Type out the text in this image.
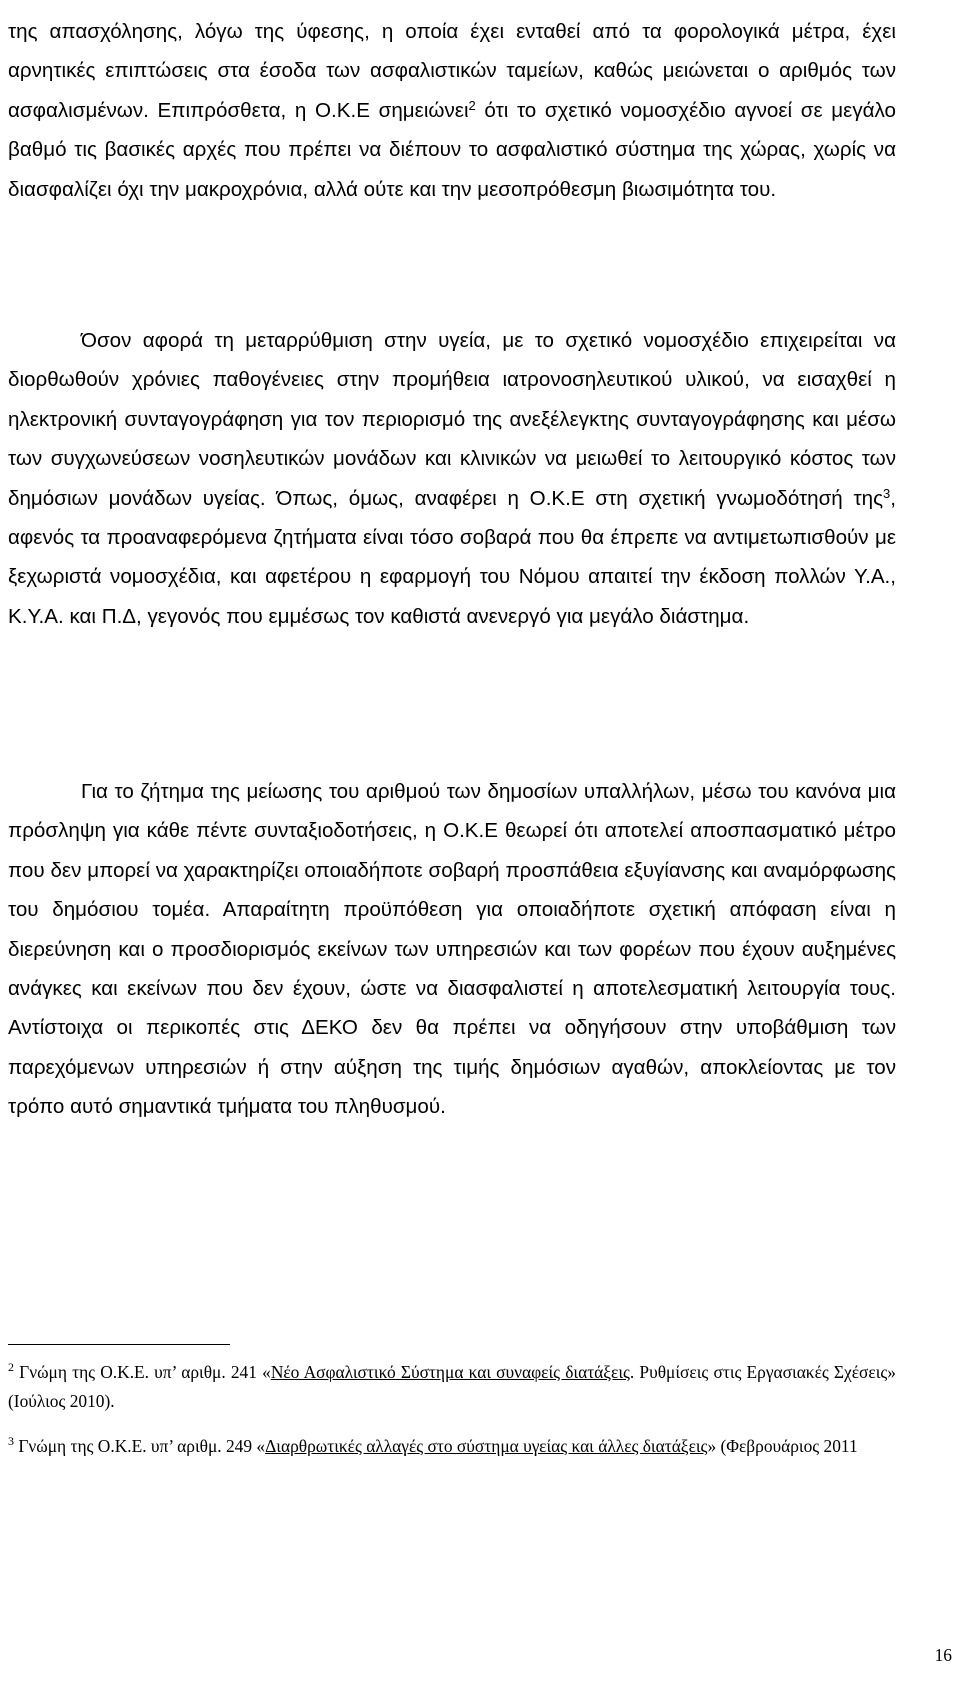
της απασχόλησης, λόγω της ύφεσης, η οποία έχει ενταθεί από τα φορολογικά μέτρα, έχει αρνητικές επιπτώσεις στα έσοδα των ασφαλιστικών ταμείων, καθώς μειώνεται ο αριθμός των ασφαλισμένων. Επιπρόσθετα, η Ο.Κ.Ε σημειώνει$^2$ ότι το σχετικό νομοσχέδιο αγνοεί σε μεγάλο βαθμό τις βασικές αρχές που πρέπει να διέπουν το ασφαλιστικό σύστημα της χώρας, χωρίς να διασφαλίζει όχι την μακροχρόνια, αλλά ούτε και την μεσοπρόθεσμη βιωσιμότητα του.

Όσον αφορά τη μεταρρύθμιση στην υγεία, με το σχετικό νομοσχέδιο επιχειρείται να διορθωθούν χρόνιες παθογένειες στην προμήθεια ιατρονοσηλευτικού υλικού, να εισαχθεί η ηλεκτρονική συνταγογράφηση για τον περιορισμό της ανεξέλεγκτης συνταγογράφησης και μέσω των συγχωνεύσεων νοσηλευτικών μονάδων και κλινικών να μειωθεί το λειτουργικό κόστος των δημόσιων μονάδων υγείας. Όπως, όμως, αναφέρει η Ο.Κ.Ε στη σχετική γνωμοδότησή της$^3$, αφενός τα προαναφερόμενα ζητήματα είναι τόσο σοβαρά που θα έπρεπε να αντιμετωπισθούν με ξεχωριστά νομοσχέδια, και αφετέρου η εφαρμογή του Νόμου απαιτεί την έκδοση πολλών Υ.Α., Κ.Υ.Α. και Π.Δ, γεγονός που εμμέσως τον καθιστά ανενεργό για μεγάλο διάστημα.

Για το ζήτημα της μείωσης του αριθμού των δημοσίων υπαλλήλων, μέσω του κανόνα μια πρόσληψη για κάθε πέντε συνταξιοδοτήσεις, η Ο.Κ.Ε θεωρεί ότι αποτελεί αποσπασματικό μέτρο που δεν μπορεί να χαρακτηρίζει οποιαδήποτε σοβαρή προσπάθεια εξυγίανσης και αναμόρφωσης του δημόσιου τομέα. Απαραίτητη προϋπόθεση για οποιαδήποτε σχετική απόφαση είναι η διερεύνηση και ο προσδιορισμός εκείνων των υπηρεσιών και των φορέων που έχουν αυξημένες ανάγκες και εκείνων που δεν έχουν, ώστε να διασφαλιστεί η αποτελεσματική λειτουργία τους. Αντίστοιχα οι περικοπές στις ΔΕΚΟ δεν θα πρέπει να οδηγήσουν στην υποβάθμιση των παρεχόμενων υπηρεσιών ή στην αύξηση της τιμής δημόσιων αγαθών, αποκλείοντας με τον τρόπο αυτό σημαντικά τμήματα του πληθυσμού.

$^2$ Γνώμη της Ο.Κ.Ε. υπ’ αριθμ. 241 «Νέο Ασφαλιστικό Σύστημα και συναφείς διατάξεις. Ρυθμίσεις στις Εργασιακές Σχέσεις» (Ιούλιος 2010).

$^3$ Γνώμη της Ο.Κ.Ε. υπ’ αριθμ. 249 «Διαρθρωτικές αλλαγές στο σύστημα υγείας και άλλες διατάξεις» (Φεβρουάριος 2011

16
